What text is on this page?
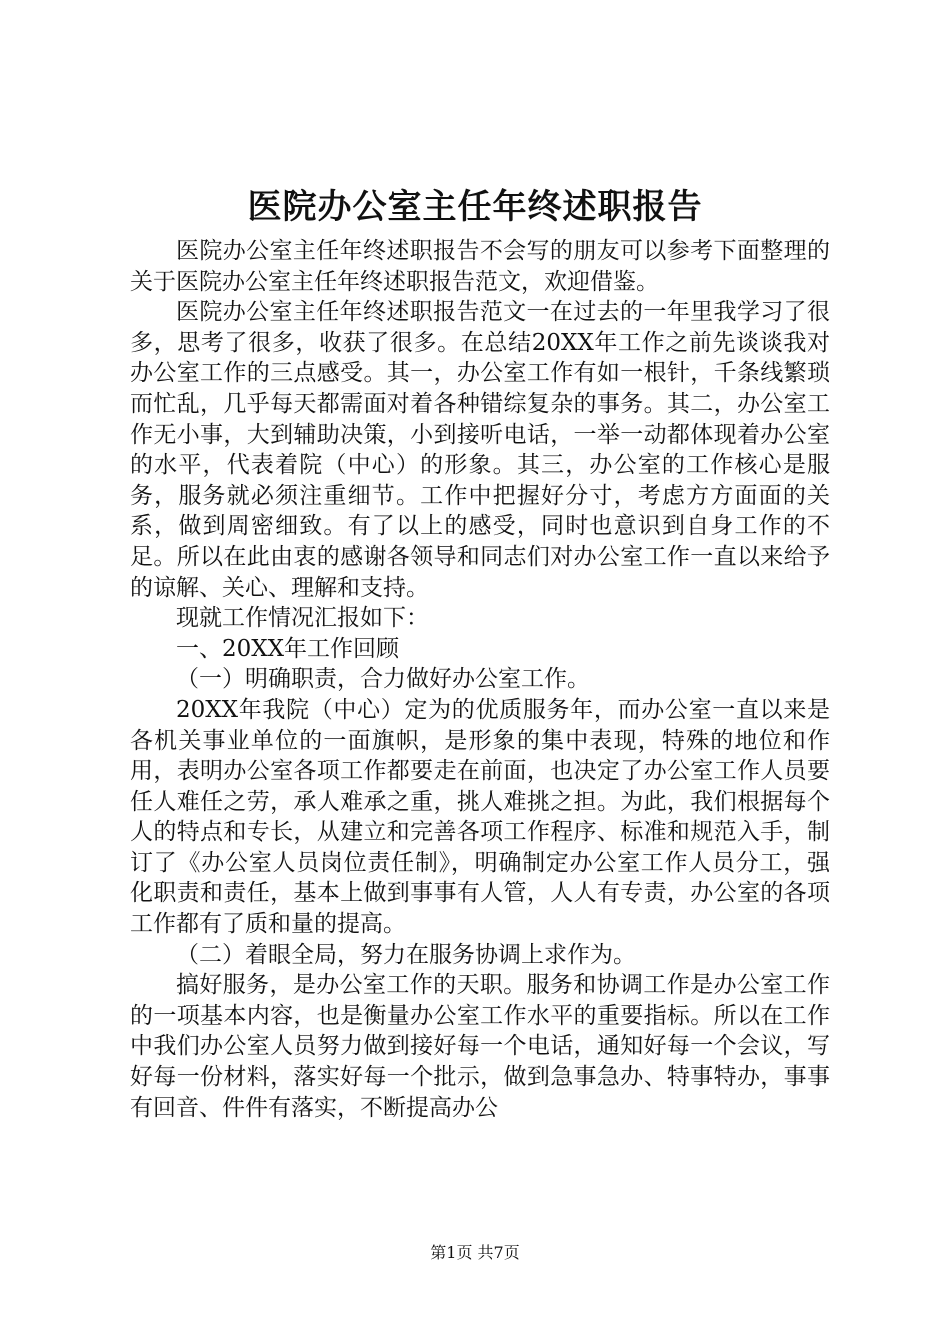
医院办公室主任年终述职报告

医院办公室主任年终述职报告不会写的朋友可以参考下面整理的关于医院办公室主任年终述职报告范文，欢迎借鉴。

医院办公室主任年终述职报告范文一在过去的一年里我学习了很多，思考了很多，收获了很多。在总结20XX年工作之前先谈谈我对办公室工作的三点感受。其一，办公室工作有如一根针，千条线繁琐而忙乱，几乎每天都需面对着各种错综复杂的事务。其二，办公室工作无小事，大到辅助决策，小到接听电话，一举一动都体现着办公室的水平，代表着院（中心）的形象。其三，办公室的工作核心是服务，服务就必须注重细节。工作中把握好分寸，考虑方方面面的关系，做到周密细致。有了以上的感受，同时也意识到自身工作的不足。所以在此由衷的感谢各领导和同志们对办公室工作一直以来给予的谅解、关心、理解和支持。

现就工作情况汇报如下：

一、20XX年工作回顾

（一）明确职责，合力做好办公室工作。

20XX年我院（中心）定为的优质服务年，而办公室一直以来是各机关事业单位的一面旗帜，是形象的集中表现，特殊的地位和作用，表明办公室各项工作都要走在前面，也决定了办公室工作人员要任人难任之劳，承人难承之重，挑人难挑之担。为此，我们根据每个人的特点和专长，从建立和完善各项工作程序、标准和规范入手，制订了《办公室人员岗位责任制》，明确制定办公室工作人员分工，强化职责和责任，基本上做到事事有人管，人人有专责，办公室的各项工作都有了质和量的提高。

（二）着眼全局，努力在服务协调上求作为。

搞好服务，是办公室工作的天职。服务和协调工作是办公室工作的一项基本内容，也是衡量办公室工作水平的重要指标。所以在工作中我们办公室人员努力做到接好每一个电话，通知好每一个会议，写好每一份材料，落实好每一个批示，做到急事急办、特事特办，事事有回音、件件有落实，不断提高办公

第1页 共7页
